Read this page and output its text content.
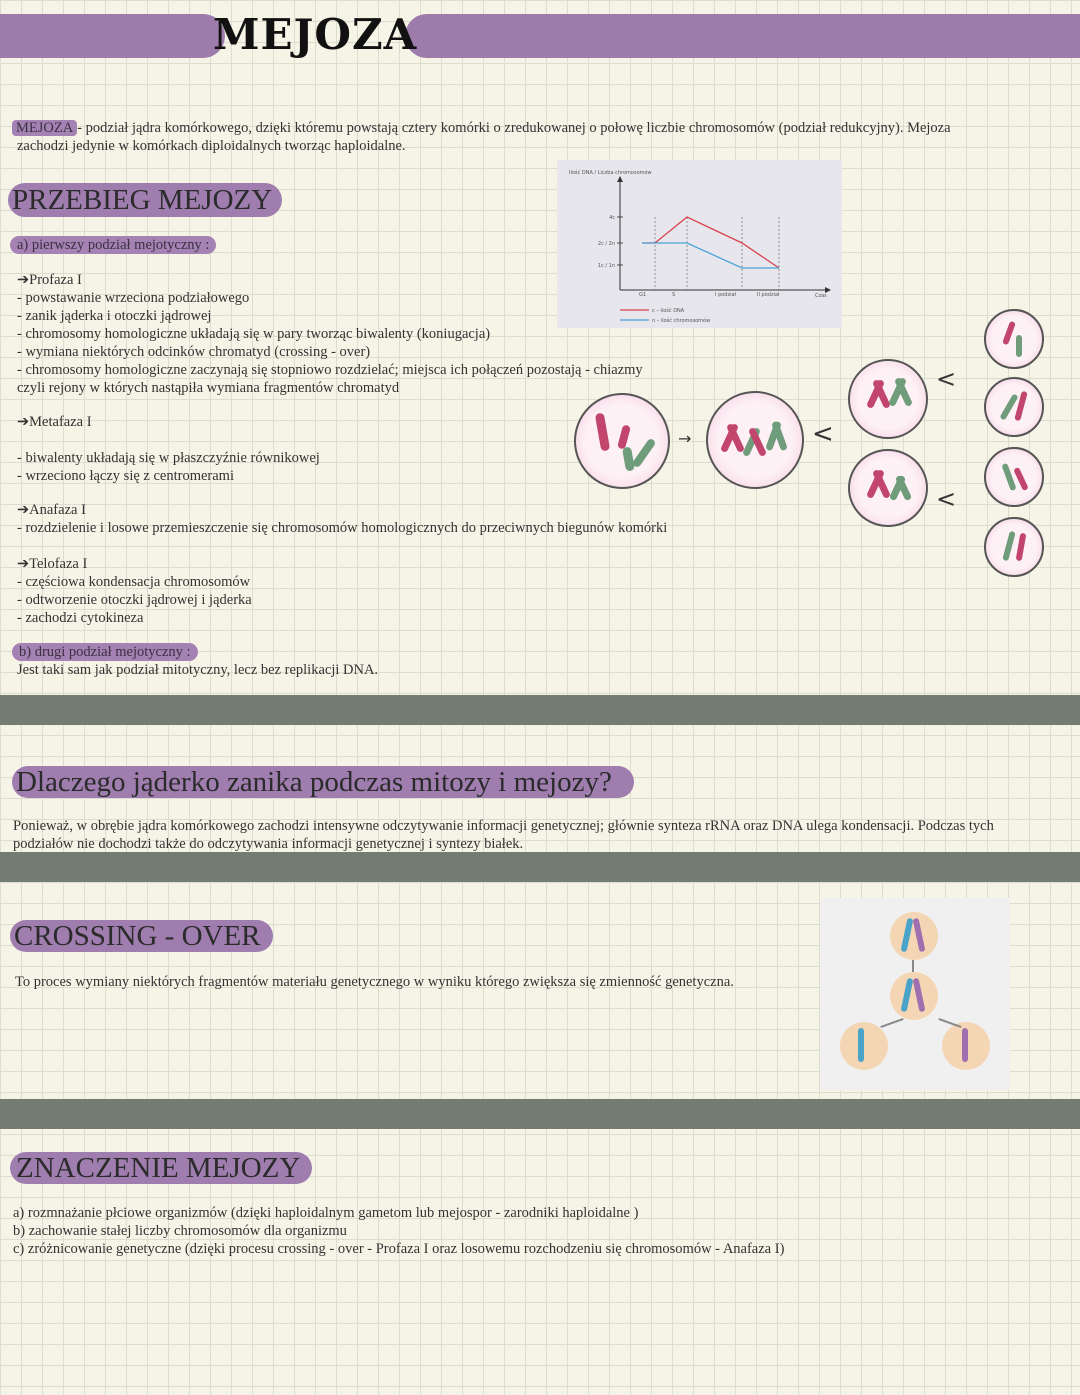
MEJOZA
MEJOZA - podział jądra komórkowego, dzięki któremu powstają cztery komórki o zredukowanej o połowę liczbie chromosomów (podział redukcyjny). Mejoza
zachodzi jedynie w komórkach diploidalnych tworząc haploidalne.
PRZEBIEG MEJOZY
a) pierwszy podział mejotyczny :
➔Profaza I
- powstawanie wrzeciona podziałowego
- zanik jąderka i otoczki jądrowej
- chromosomy homologiczne układają się w pary tworząc biwalenty (koniugacja)
- wymiana niektórych odcinków chromatyd (crossing - over)
- chromosomy homologiczne zaczynają się stopniowo rozdzielać; miejsca ich połączeń pozostają - chiazmy
czyli rejony w których nastąpiła wymiana fragmentów chromatyd
➔Metafaza I
- biwalenty układają się w płaszczyźnie równikowej
- wrzeciono łączy się z centromerami
➔Anafaza I
- rozdzielenie i losowe przemieszczenie się chromosomów homologicznych do przeciwnych biegunów komórki
➔Telofaza I
- częściowa kondensacja chromosomów
- odtworzenie otoczki jądrowej i jąderka
- zachodzi cytokineza
b) drugi podział mejotyczny :
Jest taki sam jak podział mitotyczny, lecz bez replikacji DNA.
Ilość DNA / Liczba chromosomów
Czas
4c
2c / 2n
1c / 1n
G1	S	I podział	II podział
c – ilość DNA
n – ilość chromosomów
→	<
<
<
Dlaczego jąderko zanika podczas mitozy i mejozy?
Ponieważ, w obrębie jądra komórkowego zachodzi intensywne odczytywanie informacji genetycznej; głównie synteza rRNA oraz DNA ulega kondensacji. Podczas tych
podziałów nie dochodzi także do odczytywania informacji genetycznej i syntezy białek.
CROSSING - OVER
To proces wymiany niektórych fragmentów materiału genetycznego w wyniku którego zwiększa się zmienność genetyczna.
ZNACZENIE MEJOZY
a) rozmnażanie płciowe organizmów (dzięki haploidalnym gametom lub mejospor - zarodniki haploidalne )
b) zachowanie stałej liczby chromosomów dla organizmu
c) zróżnicowanie genetyczne (dzięki procesu crossing - over - Profaza I oraz losowemu rozchodzeniu się chromosomów - Anafaza I)
